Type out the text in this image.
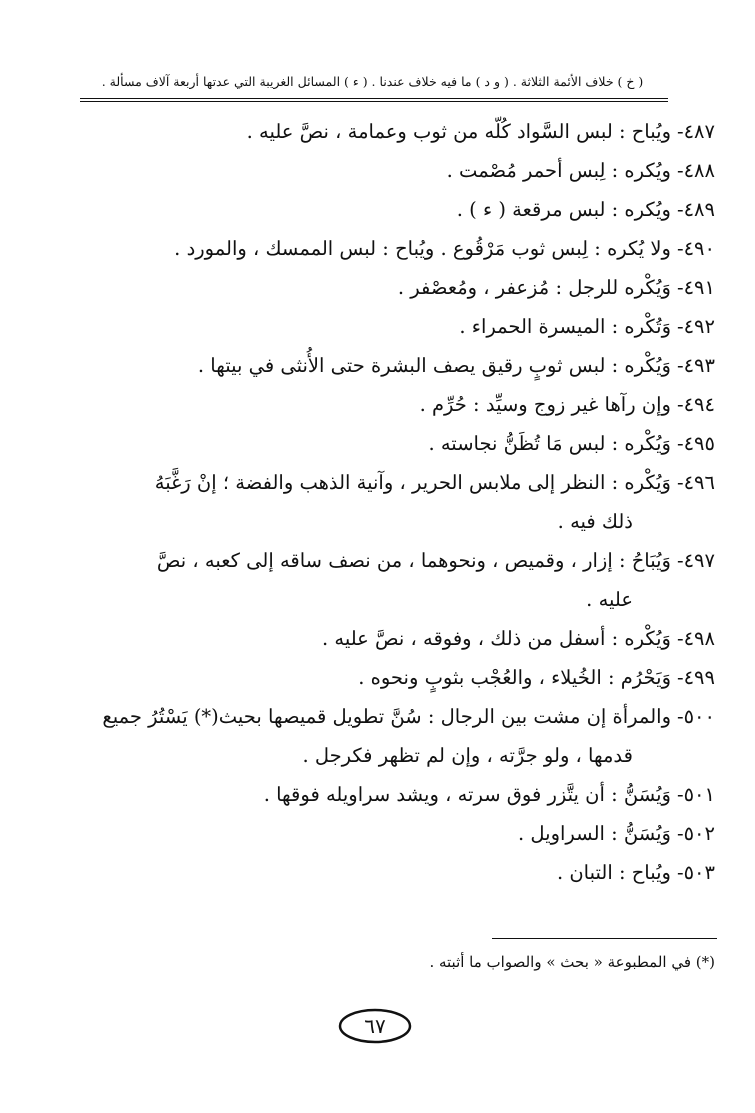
( خ ) خلاف الأئمة الثلاثة . ( و د ) ما فيه خلاف عندنا . ( ء ) المسائل الغريبة التي عدتها أربعة آلاف مسألة .
٤٨٧-ويُباح : لبس السَّواد كُلّه من ثوب وعمامة ، نصَّ عليه .
٤٨٨-ويُكره : لِبس أحمر مُصْمت .
٤٨٩-ويُكره : لبس مرقعة ( ء ) .
٤٩٠-ولا يُكره : لِبس ثوب مَرْقُوع . ويُباح : لبس الممسك ، والمورد .
٤٩١-وَيُكْره للرجل : مُزعفر ، ومُعصْفر .
٤٩٢-وَتُكْره : الميسرة الحمراء .
٤٩٣-وَيُكْره : لبس ثوبٍ رقيق يصف البشرة حتى الأُنثى في بيتها .
٤٩٤-وإن رآها غير زوج وسيِّد : حُرِّم .
٤٩٥-وَيُكْره : لبس مَا تُظَنُّ نجاسته .
٤٩٦-وَيُكْره : النظر إلى ملابس الحرير ، وآنية الذهب والفضة ؛ إنْ رَغَّبَهُ
ذلك فيه .
٤٩٧-وَيُبَاحُ : إزار ، وقميص ، ونحوهما ، من نصف ساقه إلى كعبه ، نصَّ
عليه .
٤٩٨-وَيُكْره : أسفل من ذلك ، وفوقه ، نصَّ عليه .
٤٩٩-وَيَحْرُم : الخُيلاء ، والعُجْب بثوبٍ ونحوه .
٥٠٠-والمرأة إن مشت بين الرجال : سُنَّ تطويل قميصها بحيث(*) يَسْتُرُ جميع
قدمها ، ولو جرَّته ، وإن لم تظهر فكرجل .
٥٠١-وَيُسَنُّ : أن يتَّزر فوق سرته ، ويشد سراويله فوقها .
٥٠٢-وَيُسَنُّ : السراويل .
٥٠٣-ويُباح : التبان .
(*) في المطبوعة « بحث » والصواب ما أثبته .
٦٧
